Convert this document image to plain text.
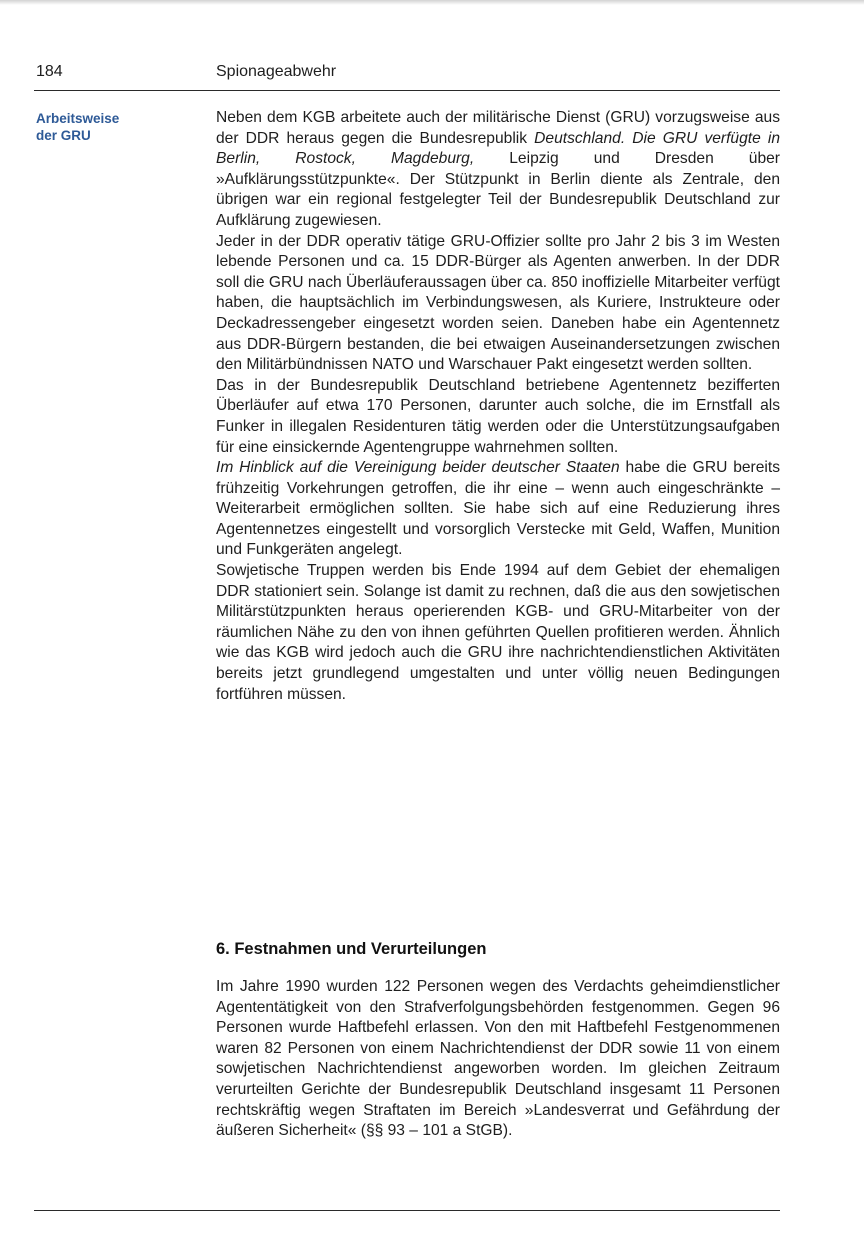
184	Spionageabwehr
Arbeitsweise
der GRU

Neben dem KGB arbeitete auch der militärische Dienst (GRU) vorzugsweise aus der DDR heraus gegen die Bundesrepublik Deutschland. Die GRU verfügte in Berlin, Rostock, Magdeburg, Leipzig und Dresden über »Aufklärungsstützpunkte«. Der Stützpunkt in Berlin diente als Zentrale, den übrigen war ein regional festgelegter Teil der Bundesrepublik Deutschland zur Aufklärung zugewiesen.

Jeder in der DDR operativ tätige GRU-Offizier sollte pro Jahr 2 bis 3 im Westen lebende Personen und ca. 15 DDR-Bürger als Agenten anwerben. In der DDR soll die GRU nach Überläuferaussagen über ca. 850 inoffizielle Mitarbeiter verfügt haben, die hauptsächlich im Verbindungswesen, als Kuriere, Instrukteure oder Deckadressengeber eingesetzt worden seien. Daneben habe ein Agentennetz aus DDR-Bürgern bestanden, die bei etwaigen Auseinandersetzungen zwischen den Militärbündnissen NATO und Warschauer Pakt eingesetzt werden sollten.

Das in der Bundesrepublik Deutschland betriebene Agentennetz bezifferten Überläufer auf etwa 170 Personen, darunter auch solche, die im Ernstfall als Funker in illegalen Residenturen tätig werden oder die Unterstützungsaufgaben für eine einsickernde Agentengruppe wahrnehmen sollten.

Im Hinblick auf die Vereinigung beider deutscher Staaten habe die GRU bereits frühzeitig Vorkehrungen getroffen, die ihr eine – wenn auch eingeschränkte – Weiterarbeit ermöglichen sollten. Sie habe sich auf eine Reduzierung ihres Agentennetzes eingestellt und vorsorglich Verstecke mit Geld, Waffen, Munition und Funkgeräten angelegt.

Sowjetische Truppen werden bis Ende 1994 auf dem Gebiet der ehemaligen DDR stationiert sein. Solange ist damit zu rechnen, daß die aus den sowjetischen Militärstützpunkten heraus operierenden KGB- und GRU-Mitarbeiter von der räumlichen Nähe zu den von ihnen geführten Quellen profitieren werden. Ähnlich wie das KGB wird jedoch auch die GRU ihre nachrichtendienstlichen Aktivitäten bereits jetzt grundlegend umgestalten und unter völlig neuen Bedingungen fortführen müssen.

6. Festnahmen und Verurteilungen

Im Jahre 1990 wurden 122 Personen wegen des Verdachts geheimdienstlicher Agententätigkeit von den Strafverfolgungsbehörden festgenommen. Gegen 96 Personen wurde Haftbefehl erlassen. Von den mit Haftbefehl Festgenommenen waren 82 Personen von einem Nachrichtendienst der DDR sowie 11 von einem sowjetischen Nachrichtendienst angeworben worden. Im gleichen Zeitraum verurteilten Gerichte der Bundesrepublik Deutschland insgesamt 11 Personen rechtskräftig wegen Straftaten im Bereich »Landesverrat und Gefährdung der äußeren Sicherheit« (§§ 93 – 101 a StGB).
